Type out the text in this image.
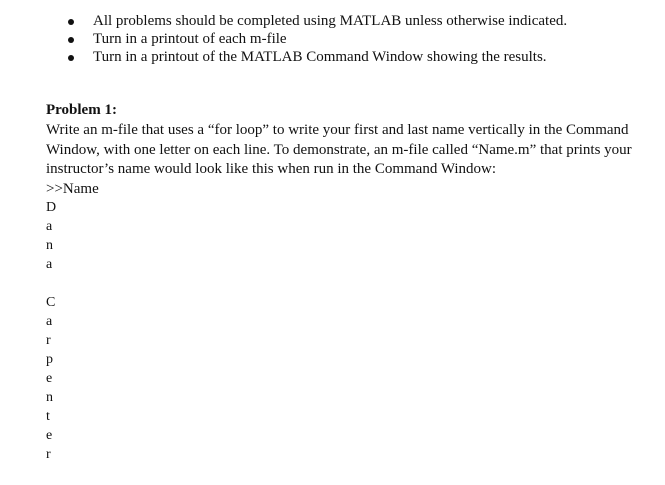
All problems should be completed using MATLAB unless otherwise indicated.
Turn in a printout of each m-file
Turn in a printout of the MATLAB Command Window showing the results.
Problem 1:

Write an m-file that uses a “for loop” to write your first and last name vertically in the Command Window, with one letter on each line. To demonstrate, an m-file called “Name.m” that prints your instructor’s name would look like this when run in the Command Window:

>>Name
D
a
n
a
C
a
r
p
e
n
t
e
r
